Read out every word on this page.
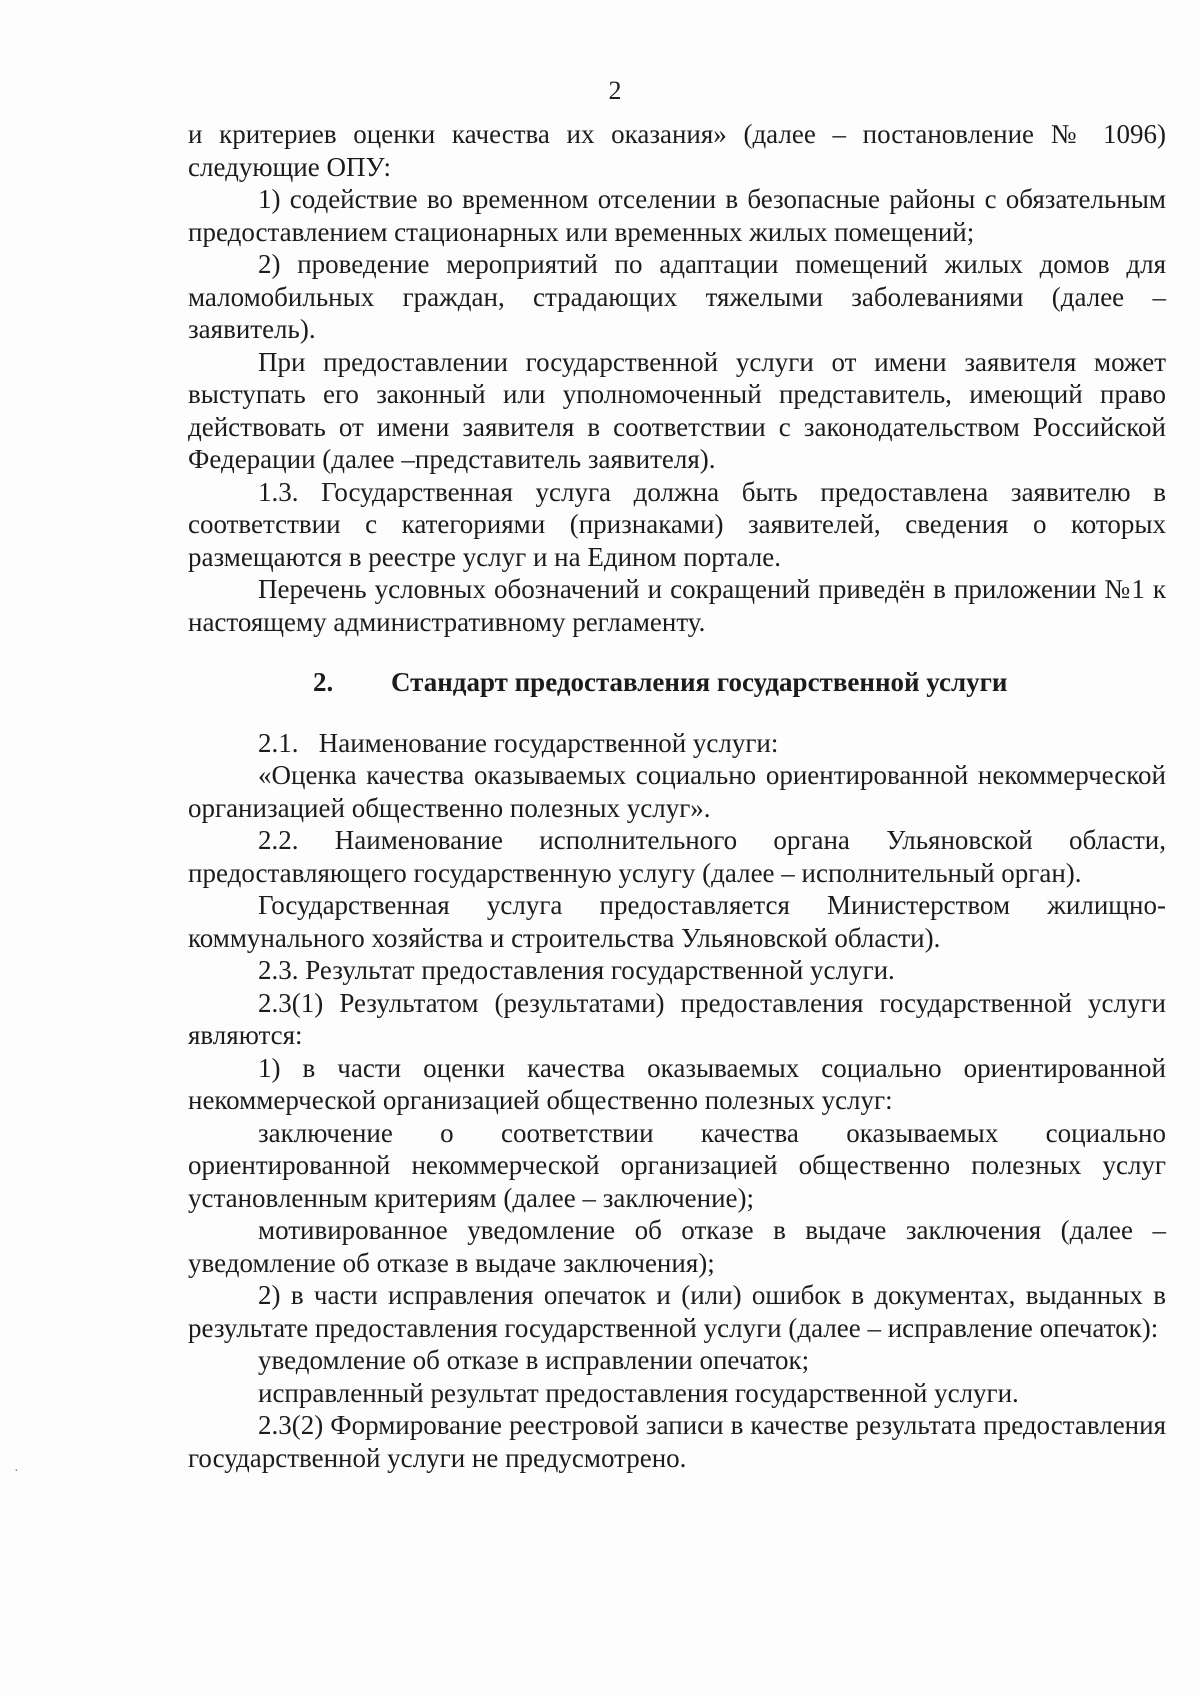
2

и критериев оценки качества их оказания» (далее – постановление № 1096) следующие ОПУ:

1) содействие во временном отселении в безопасные районы с обязательным предоставлением стационарных или временных жилых помещений;

2) проведение мероприятий по адаптации помещений жилых домов для маломобильных граждан, страдающих тяжелыми заболеваниями (далее – заявитель).

При предоставлении государственной услуги от имени заявителя может выступать его законный или уполномоченный представитель, имеющий право действовать от имени заявителя в соответствии с законодательством Российской Федерации (далее –представитель заявителя).

1.3. Государственная услуга должна быть предоставлена заявителю в соответствии с категориями (признаками) заявителей, сведения о которых размещаются в реестре услуг и на Едином портале.

Перечень условных обозначений и сокращений приведён в приложении №1 к настоящему административному регламенту.

2. Стандарт предоставления государственной услуги

2.1.   Наименование государственной услуги:

«Оценка качества оказываемых социально ориентированной некоммерческой организацией общественно полезных услуг».

2.2. Наименование исполнительного органа Ульяновской области, предоставляющего государственную услугу (далее – исполнительный орган).

Государственная услуга предоставляется Министерством жилищно-коммунального хозяйства и строительства Ульяновской области).

2.3. Результат предоставления государственной услуги.

2.3(1) Результатом (результатами) предоставления государственной услуги являются:

1) в части оценки качества оказываемых социально ориентированной некоммерческой организацией общественно полезных услуг:

заключение о соответствии качества оказываемых социально ориентированной некоммерческой организацией общественно полезных услуг установленным критериям (далее – заключение);

мотивированное уведомление об отказе в выдаче заключения (далее – уведомление об отказе в выдаче заключения);

2) в части исправления опечаток и (или) ошибок в документах, выданных в результате предоставления государственной услуги (далее – исправление опечаток):

уведомление об отказе в исправлении опечаток;

исправленный результат предоставления государственной услуги.

2.3(2) Формирование реестровой записи в качестве результата предоставления государственной услуги не предусмотрено.

·
